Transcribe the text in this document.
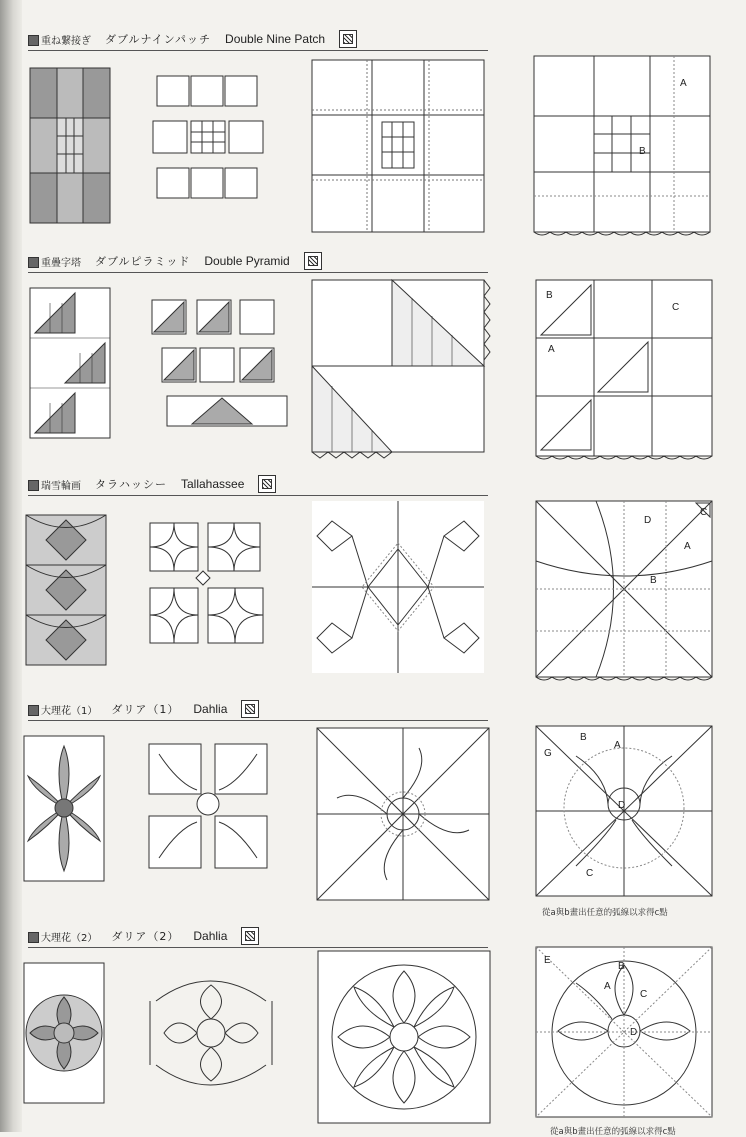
重ね繋接ぎ ダブルナインパッチ Double Nine Patch
A
B
重疊字塔 ダブルピラミッド Double Pyramid
B
C
A
瑞雪輪画 タラハッシー Tallahassee
D
C
A
B
大理花（1） ダリア（1） Dahlia
B
G
A
C
D
從a與b畫出任意的弧線以求得c點
大理花（2） ダリア（2） Dahlia
E
B
A
C
D
從a與b畫出任意的弧線以求得c點
